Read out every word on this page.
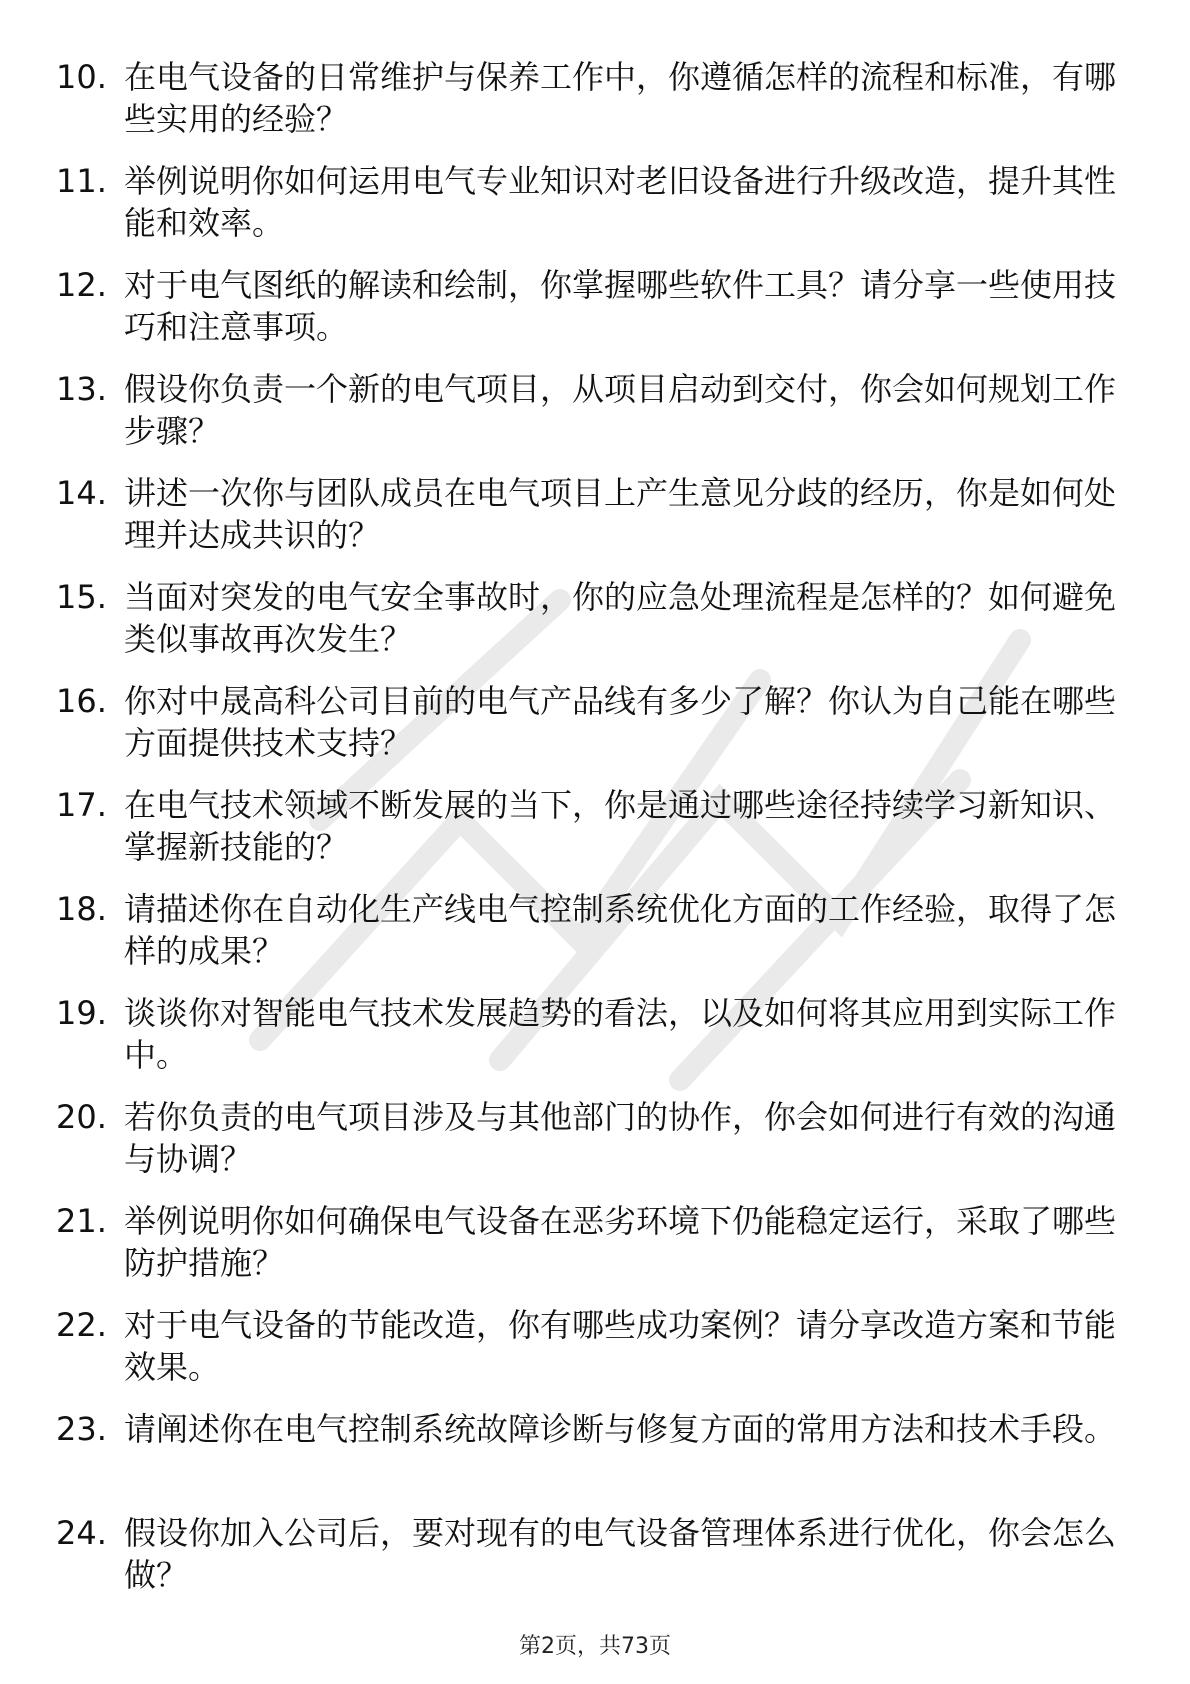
10. 在电气设备的日常维护与保养工作中，你遵循怎样的流程和标准，有哪些实用的经验？
11. 举例说明你如何运用电气专业知识对老旧设备进行升级改造，提升其性能和效率。
12. 对于电气图纸的解读和绘制，你掌握哪些软件工具？请分享一些使用技巧和注意事项。
13. 假设你负责一个新的电气项目，从项目启动到交付，你会如何规划工作步骤？
14. 讲述一次你与团队成员在电气项目上产生意见分歧的经历，你是如何处理并达成共识的？
15. 当面对突发的电气安全事故时，你的应急处理流程是怎样的？如何避免类似事故再次发生？
16. 你对中晟高科公司目前的电气产品线有多少了解？你认为自己能在哪些方面提供技术支持？
17. 在电气技术领域不断发展的当下，你是通过哪些途径持续学习新知识、掌握新技能的？
18. 请描述你在自动化生产线电气控制系统优化方面的工作经验，取得了怎样的成果？
19. 谈谈你对智能电气技术发展趋势的看法，以及如何将其应用到实际工作中。
20. 若你负责的电气项目涉及与其他部门的协作，你会如何进行有效的沟通与协调？
21. 举例说明你如何确保电气设备在恶劣环境下仍能稳定运行，采取了哪些防护措施？
22. 对于电气设备的节能改造，你有哪些成功案例？请分享改造方案和节能效果。
23. 请阐述你在电气控制系统故障诊断与修复方面的常用方法和技术手段。
24. 假设你加入公司后，要对现有的电气设备管理体系进行优化，你会怎么做？
第2页，共73页
